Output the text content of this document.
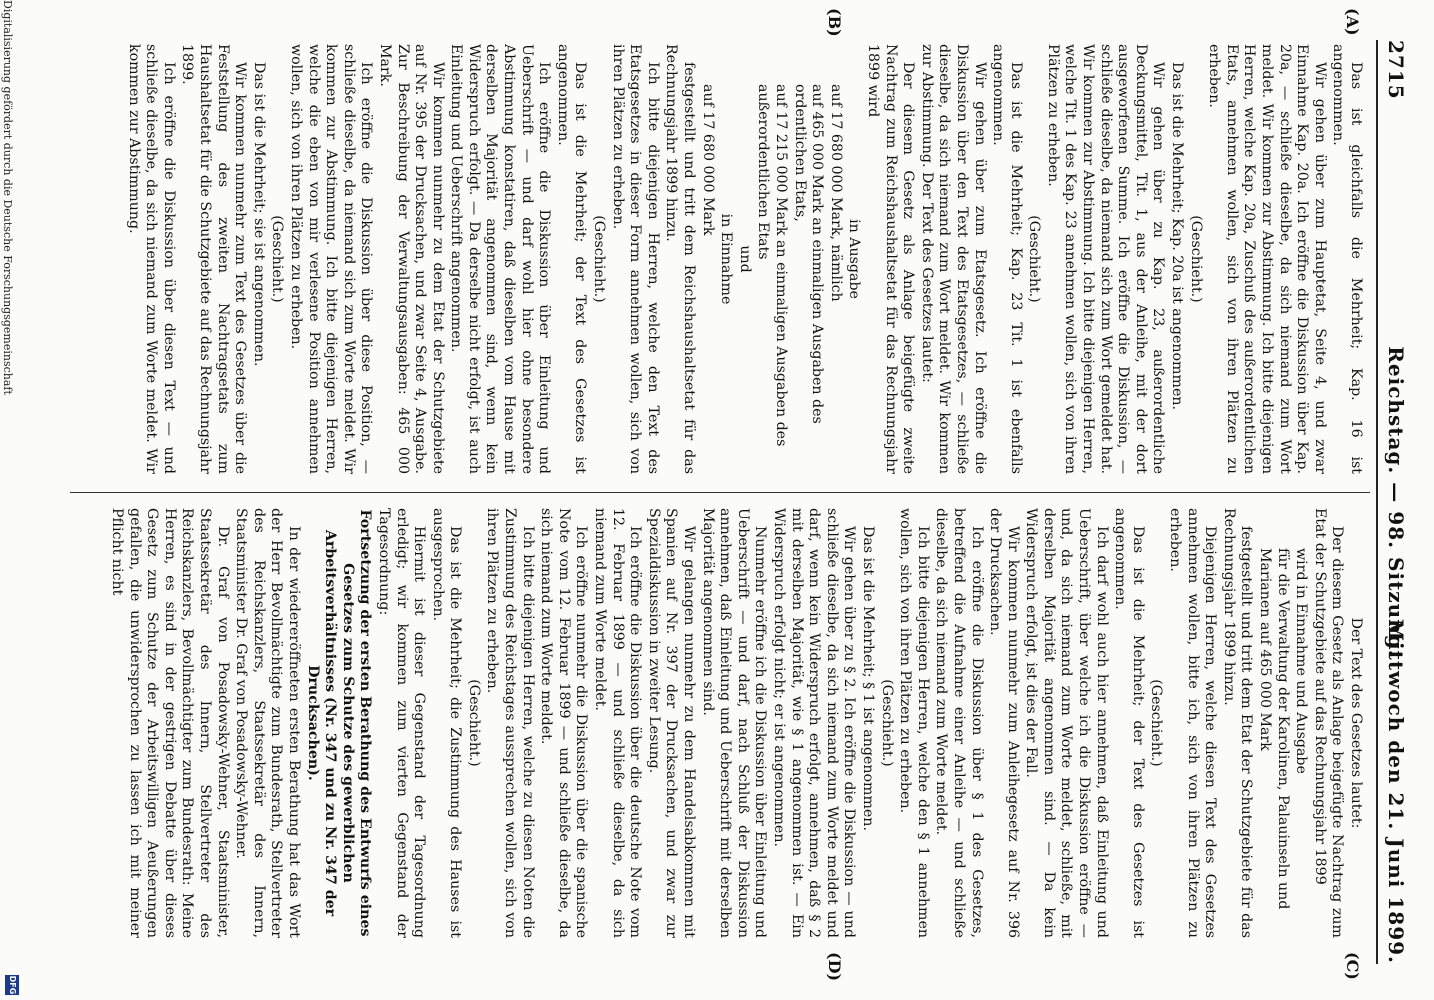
Mittwoch den 21. Juni 1899.
Reichstag. — 98. Sitzung.
2715
(A)
(B)
(C)
(D)

Das ist gleichfalls die Mehrheit; Kap. 16 ist angenommen.

Wir gehen über zum Hauptetat, Seite 4, und zwar Einnahme Kap. 20a. Ich eröffne die Diskussion über Kap. 20a, — schließe dieselbe, da sich niemand zum Wort meldet. Wir kommen zur Abstimmung. Ich bitte diejenigen Herren, welche Kap. 20a, Zuschuß des außerordentlichen Etats, annehmen wollen, sich von ihren Plätzen zu erheben.

(Geschieht.)

Das ist die Mehrheit; Kap. 20a ist angenommen.

Wir gehen über zu Kap. 23, außerordentliche Deckungsmittel, Tit. 1, aus der Anleihe, mit der dort ausgeworfenen Summe. Ich eröffne die Diskussion, — schließe dieselbe, da niemand sich zum Wort gemeldet hat. Wir kommen zur Abstimmung. Ich bitte diejenigen Herren, welche Tit. 1 des Kap. 23 annehmen wollen, sich von ihren Plätzen zu erheben.

(Geschieht.)

Das ist die Mehrheit; Kap. 23 Tit. 1 ist ebenfalls angenommen.

Wir gehen über zum Etatsgesetz. Ich eröffne die Diskussion über den Text des Etatsgesetzes, — schließe dieselbe, da sich niemand zum Wort meldet. Wir kommen zur Abstimmung. Der Text des Gesetzes lautet:

Der diesem Gesetz als Anlage beigefügte zweite Nachtrag zum Reichshaushaltsetat für das Rechnungsjahr 1899 wird

in Ausgabe

auf 17 680 000 Mark, nämlich

auf 465 000 Mark an einmaligen Ausgaben des ordentlichen Etats,

auf 17 215 000 Mark an einmaligen Ausgaben des außerordentlichen Etats

und

in Einnahme

auf 17 680 000 Mark

festgestellt und tritt dem Reichshaushaltsetat für das Rechnungsjahr 1899 hinzu.

Ich bitte diejenigen Herren, welche den Text des Etatsgesetzes in dieser Form annehmen wollen, sich von ihren Plätzen zu erheben.

(Geschieht.)

Das ist die Mehrheit; der Text des Gesetzes ist angenommen.

Ich eröffne die Diskussion über Einleitung und Ueberschrift — und darf wohl hier ohne besondere Abstimmung konstatiren, daß dieselben vom Hause mit derselben Majorität angenommen sind, wenn kein Widerspruch erfolgt. — Da derselbe nicht erfolgt, ist auch Einleitung und Ueberschrift angenommen.

Wir kommen nunmehr zu dem Etat der Schutzgebiete auf Nr. 395 der Drucksachen, und zwar Seite 4, Ausgabe. Zur Beschreibung der Verwaltungsausgaben: 465 000 Mark.

Ich eröffne die Diskussion über diese Position, — schließe dieselbe, da niemand sich zum Worte meldet. Wir kommen zur Abstimmung. Ich bitte diejenigen Herren, welche die eben von mir verlesene Position annehmen wollen, sich von ihren Plätzen zu erheben.

(Geschieht.)

Das ist die Mehrheit; sie ist angenommen.

Wir kommen nunmehr zum Text des Gesetzes über die Feststellung des zweiten Nachtragsetats zum Haushaltsetat für die Schutzgebiete auf das Rechnungsjahr 1899.

Ich eröffne die Diskussion über diesen Text — und schließe dieselbe, da sich niemand zum Worte meldet. Wir kommen zur Abstimmung.

Der Text des Gesetzes lautet:

Der diesem Gesetz als Anlage beigefügte Nachtrag zum Etat der Schutzgebiete auf das Rechnungsjahr 1899

wird in Einnahme und Ausgabe

für die Verwaltung der Karolinen, Palauinseln und Marianen auf 465 000 Mark

festgestellt und tritt dem Etat der Schutzgebiete für das Rechnungsjahr 1899 hinzu.

Diejenigen Herren, welche diesen Text des Gesetzes annehmen wollen, bitte ich, sich von ihren Plätzen zu erheben.

(Geschieht.)

Das ist die Mehrheit; der Text des Gesetzes ist angenommen.

Ich darf wohl auch hier annehmen, daß Einleitung und Ueberschrift, über welche ich die Diskussion eröffne — und, da sich niemand zum Worte meldet, schließe, mit derselben Majorität angenommen sind. — Da kein Widerspruch erfolgt, ist dies der Fall.

Wir kommen nunmehr zum Anleihegesetz auf Nr. 396 der Drucksachen.

Ich eröffne die Diskussion über § 1 des Gesetzes, betreffend die Aufnahme einer Anleihe — und schließe dieselbe, da sich niemand zum Worte meldet.

Ich bitte diejenigen Herren, welche den § 1 annehmen wollen, sich von ihren Plätzen zu erheben.

(Geschieht.)

Das ist die Mehrheit; § 1 ist angenommen.

Wir gehen über zu § 2. Ich eröffne die Diskussion — und schließe dieselbe, da sich niemand zum Worte meldet und darf, wenn kein Widerspruch erfolgt, annehmen, daß § 2 mit derselben Majorität, wie § 1 angenommen ist. — Ein Widerspruch erfolgt nicht; er ist angenommen.

Nunmehr eröffne ich die Diskussion über Einleitung und Ueberschrift — und darf, nach Schluß der Diskussion annehmen, daß Einleitung und Ueberschrift mit derselben Majorität angenommen sind.

Wir gelangen nunmehr zu dem Handelsabkommen mit Spanien auf Nr. 397 der Drucksachen, und zwar zur Spezialdiskussion in zweiter Lesung.

Ich eröffne die Diskussion über die deutsche Note vom 12. Februar 1899 — und schließe dieselbe, da sich niemand zum Worte meldet.

Ich eröffne nunmehr die Diskussion über die spanische Note vom 12. Februar 1899 — und schließe dieselbe, da sich niemand zum Worte meldet.

Ich bitte diejenigen Herren, welche zu diesen Noten die Zustimmung des Reichstages aussprechen wollen, sich von ihren Plätzen zu erheben.

(Geschieht.)

Das ist die Mehrheit; die Zustimmung des Hauses ist ausgesprochen.

Hiermit ist dieser Gegenstand der Tagesordnung erledigt; wir kommen zum vierten Gegenstand der Tagesordnung:

Fortsetzung der ersten Berathung des Entwurfs eines Gesetzes zum Schutze des gewerblichen Arbeitsverhältnisses (Nr. 347 und zu Nr. 347 der Drucksachen).

In der wiedereröffneten ersten Berathung hat das Wort der Herr Bevollmächtigte zum Bundesrath, Stellvertreter des Reichskanzlers, Staatssekretär des Innern, Staatsminister Dr. Graf von Posadowsky-Wehner.

Dr. Graf von Posadowsky-Wehner, Staatsminister, Staatssekretär des Innern, Stellvertreter des Reichskanzlers, Bevollmächtigter zum Bundesrath: Meine Herren, es sind in der gestrigen Debatte über dieses Gesetz zum Schutze der Arbeitswilligen Aeußerungen gefallen, die unwidersprochen zu lassen ich mit meiner Pflicht nicht

Digitalisierung gefördert durch die Deutsche Forschungsgemeinschaft
DFG
